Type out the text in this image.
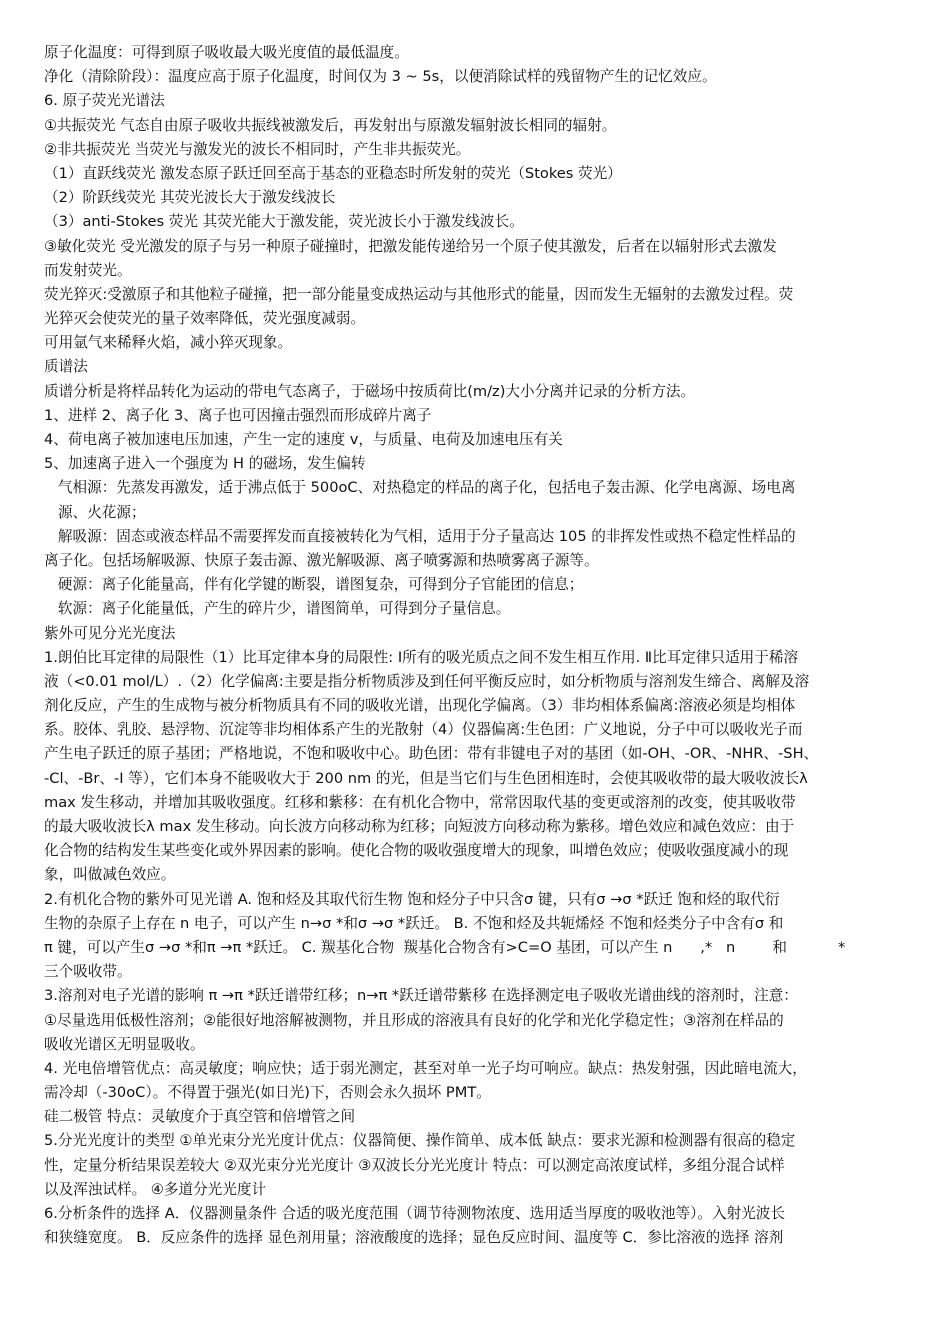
原子化温度：可得到原子吸收最大吸光度值的最低温度。
净化（清除阶段）：温度应高于原子化温度，时间仅为 3 ~ 5s，以便消除试样的残留物产生的记忆效应。
6. 原子荧光光谱法
①共振荧光 气态自由原子吸收共振线被激发后，再发射出与原激发辐射波长相同的辐射。
②非共振荧光 当荧光与激发光的波长不相同时，产生非共振荧光。
（1）直跃线荧光 激发态原子跃迁回至高于基态的亚稳态时所发射的荧光（Stokes 荧光）
（2）阶跃线荧光 其荧光波长大于激发线波长
（3）anti-Stokes 荧光 其荧光能大于激发能，荧光波长小于激发线波长。
③敏化荧光 受光激发的原子与另一种原子碰撞时，把激发能传递给另一个原子使其激发，后者在以辐射形式去激发
而发射荧光。
荧光猝灭:受激原子和其他粒子碰撞，把一部分能量变成热运动与其他形式的能量，因而发生无辐射的去激发过程。荧
光猝灭会使荧光的量子效率降低，荧光强度减弱。
可用氩气来稀释火焰，减小猝灭现象。
质谱法
质谱分析是将样品转化为运动的带电气态离子，于磁场中按质荷比(m/z)大小分离并记录的分析方法。
1、进样 2、离子化 3、离子也可因撞击强烈而形成碎片离子
4、荷电离子被加速电压加速，产生一定的速度 v，与质量、电荷及加速电压有关
5、加速离子进入一个强度为 H 的磁场，发生偏转
气相源：先蒸发再激发，适于沸点低于 500oC、对热稳定的样品的离子化，包括电子轰击源、化学电离源、场电离
源、火花源；
解吸源：固态或液态样品不需要挥发而直接被转化为气相，适用于分子量高达 105 的非挥发性或热不稳定性样品的
离子化。包括场解吸源、快原子轰击源、激光解吸源、离子喷雾源和热喷雾离子源等。
硬源：离子化能量高，伴有化学键的断裂，谱图复杂，可得到分子官能团的信息；
软源：离子化能量低，产生的碎片少，谱图简单，可得到分子量信息。
紫外可见分光光度法
1.朗伯比耳定律的局限性（1）比耳定律本身的局限性: Ⅰ所有的吸光质点之间不发生相互作用. Ⅱ比耳定律只适用于稀溶
液（<0.01 mol/L）.（2）化学偏离:主要是指分析物质涉及到任何平衡反应时，如分析物质与溶剂发生缔合、离解及溶
剂化反应，产生的生成物与被分析物质具有不同的吸收光谱，出现化学偏离。（3）非均相体系偏离:溶液必须是均相体
系。胶体、乳胶、悬浮物、沉淀等非均相体系产生的光散射（4）仪器偏离:生色团：广义地说，分子中可以吸收光子而
产生电子跃迁的原子基团；严格地说，不饱和吸收中心。助色团：带有非键电子对的基团（如-OH、-OR、-NHR、-SH、
-Cl、-Br、-I 等），它们本身不能吸收大于 200 nm 的光，但是当它们与生色团相连时，会使其吸收带的最大吸收波长λ
max 发生移动，并增加其吸收强度。红移和紫移：在有机化合物中，常常因取代基的变更或溶剂的改变，使其吸收带
的最大吸收波长λ max 发生移动。向长波方向移动称为红移；向短波方向移动称为紫移。增色效应和减色效应：由于
化合物的结构发生某些变化或外界因素的影响。使化合物的吸收强度增大的现象，叫增色效应；使吸收强度减小的现
象，叫做减色效应。
2.有机化合物的紫外可见光谱 A. 饱和烃及其取代衍生物 饱和烃分子中只含σ 键，只有σ →σ *跃迁 饱和烃的取代衍
生物的杂原子上存在 n 电子，可以产生 n→σ *和σ →σ *跃迁。 B. 不饱和烃及共轭烯烃 不饱和烃类分子中含有σ 和
π 键，可以产生σ →σ *和π →π *跃迁。 C. 羰基化合物  羰基化合物含有>C=O 基团，可以产生 n      ,*   n        和           *
三个吸收带。
3.溶剂对电子光谱的影响 π →π *跃迁谱带红移；n→π *跃迁谱带紫移 在选择测定电子吸收光谱曲线的溶剂时，注意：
①尽量选用低极性溶剂；②能很好地溶解被测物，并且形成的溶液具有良好的化学和光化学稳定性；③溶剂在样品的
吸收光谱区无明显吸收。
4. 光电倍增管优点：高灵敏度；响应快；适于弱光测定，甚至对单一光子均可响应。缺点：热发射强，因此暗电流大，
需冷却（-30oC）。不得置于强光(如日光)下，否则会永久损坏 PMT。
硅二极管 特点：灵敏度介于真空管和倍增管之间
5.分光光度计的类型 ①单光束分光光度计优点：仪器简便、操作简单、成本低 缺点：要求光源和检测器有很高的稳定
性，定量分析结果误差较大 ②双光束分光光度计 ③双波长分光光度计 特点：可以测定高浓度试样，多组分混合试样
以及浑浊试样。 ④多道分光光度计
6.分析条件的选择 A．仪器测量条件 合适的吸光度范围（调节待测物浓度、选用适当厚度的吸收池等）。入射光波长
和狭缝宽度。 B．反应条件的选择 显色剂用量；溶液酸度的选择；显色反应时间、温度等 C．参比溶液的选择 溶剂
